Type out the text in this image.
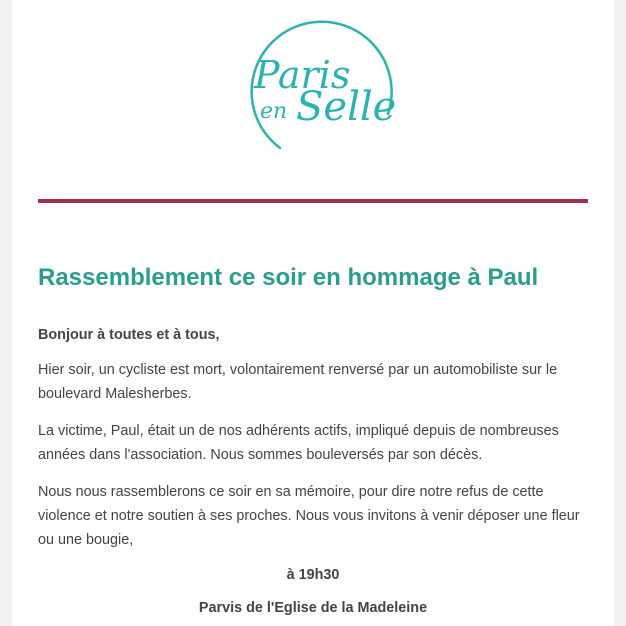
Paris
en Selle
Rassemblement ce soir en hommage à Paul

Bonjour à toutes et à tous,

Hier soir, un cycliste est mort, volontairement renversé par un automobiliste sur le boulevard Malesherbes.

La victime, Paul, était un de nos adhérents actifs, impliqué depuis de nombreuses années dans l'association. Nous sommes bouleversés par son décès.

Nous nous rassemblerons ce soir en sa mémoire, pour dire notre refus de cette violence et notre soutien à ses proches. Nous vous invitons à venir déposer une fleur ou une bougie,

à 19h30

Parvis de l'Eglise de la Madeleine
